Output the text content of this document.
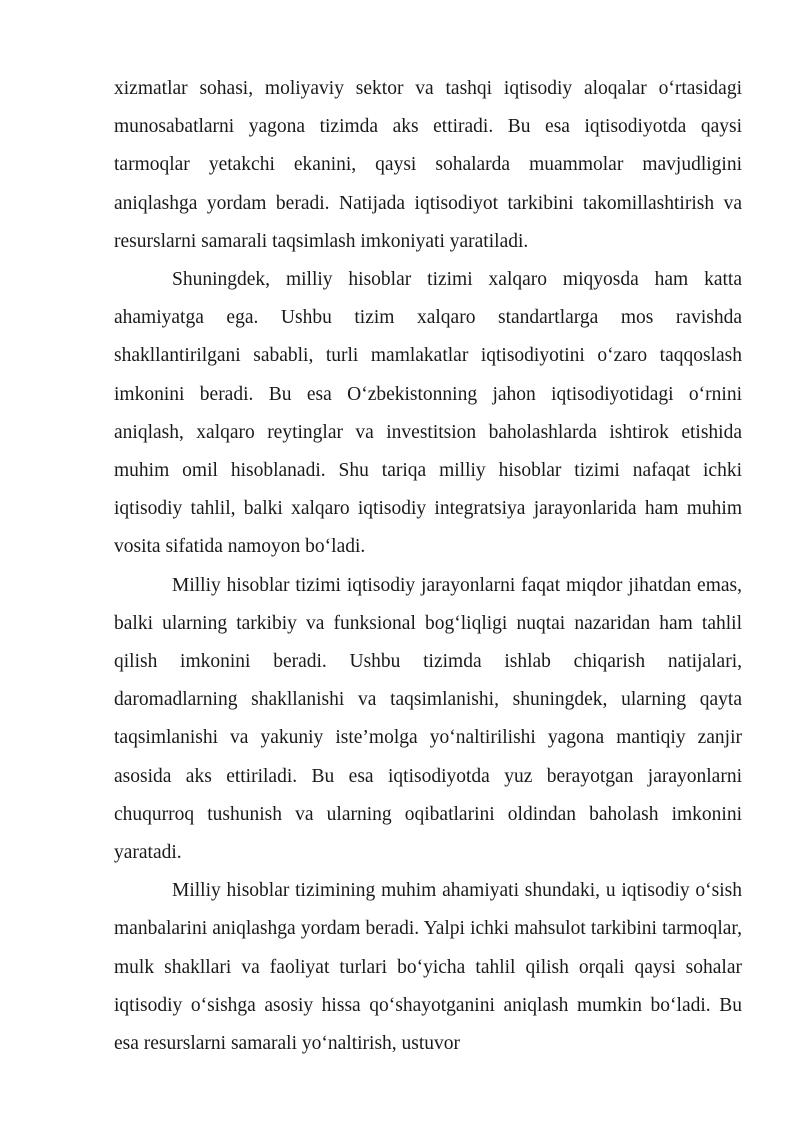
xizmatlar sohasi, moliyaviy sektor va tashqi iqtisodiy aloqalar o‘rtasidagi munosabatlarni yagona tizimda aks ettiradi. Bu esa iqtisodiyotda qaysi tarmoqlar yetakchi ekanini, qaysi sohalarda muammolar mavjudligini aniqlashga yordam beradi. Natijada iqtisodiyot tarkibini takomillashtirish va resurslarni samarali taqsimlash imkoniyati yaratiladi.

Shuningdek, milliy hisoblar tizimi xalqaro miqyosda ham katta ahamiyatga ega. Ushbu tizim xalqaro standartlarga mos ravishda shakllantirilgani sababli, turli mamlakatlar iqtisodiyotini o‘zaro taqqoslash imkonini beradi. Bu esa O‘zbekistonning jahon iqtisodiyotidagi o‘rnini aniqlash, xalqaro reytinglar va investitsion baholashlarda ishtirok etishida muhim omil hisoblanadi. Shu tariqa milliy hisoblar tizimi nafaqat ichki iqtisodiy tahlil, balki xalqaro iqtisodiy integratsiya jarayonlarida ham muhim vosita sifatida namoyon bo‘ladi.

Milliy hisoblar tizimi iqtisodiy jarayonlarni faqat miqdor jihatdan emas, balki ularning tarkibiy va funksional bog‘liqligi nuqtai nazaridan ham tahlil qilish imkonini beradi. Ushbu tizimda ishlab chiqarish natijalari, daromadlarning shakllanishi va taqsimlanishi, shuningdek, ularning qayta taqsimlanishi va yakuniy iste’molga yo‘naltirilishi yagona mantiqiy zanjir asosida aks ettiriladi. Bu esa iqtisodiyotda yuz berayotgan jarayonlarni chuqurroq tushunish va ularning oqibatlarini oldindan baholash imkonini yaratadi.

Milliy hisoblar tizimining muhim ahamiyati shundaki, u iqtisodiy o‘sish manbalarini aniqlashga yordam beradi. Yalpi ichki mahsulot tarkibini tarmoqlar, mulk shakllari va faoliyat turlari bo‘yicha tahlil qilish orqali qaysi sohalar iqtisodiy o‘sishga asosiy hissa qo‘shayotganini aniqlash mumkin bo‘ladi. Bu esa resurslarni samarali yo‘naltirish, ustuvor
